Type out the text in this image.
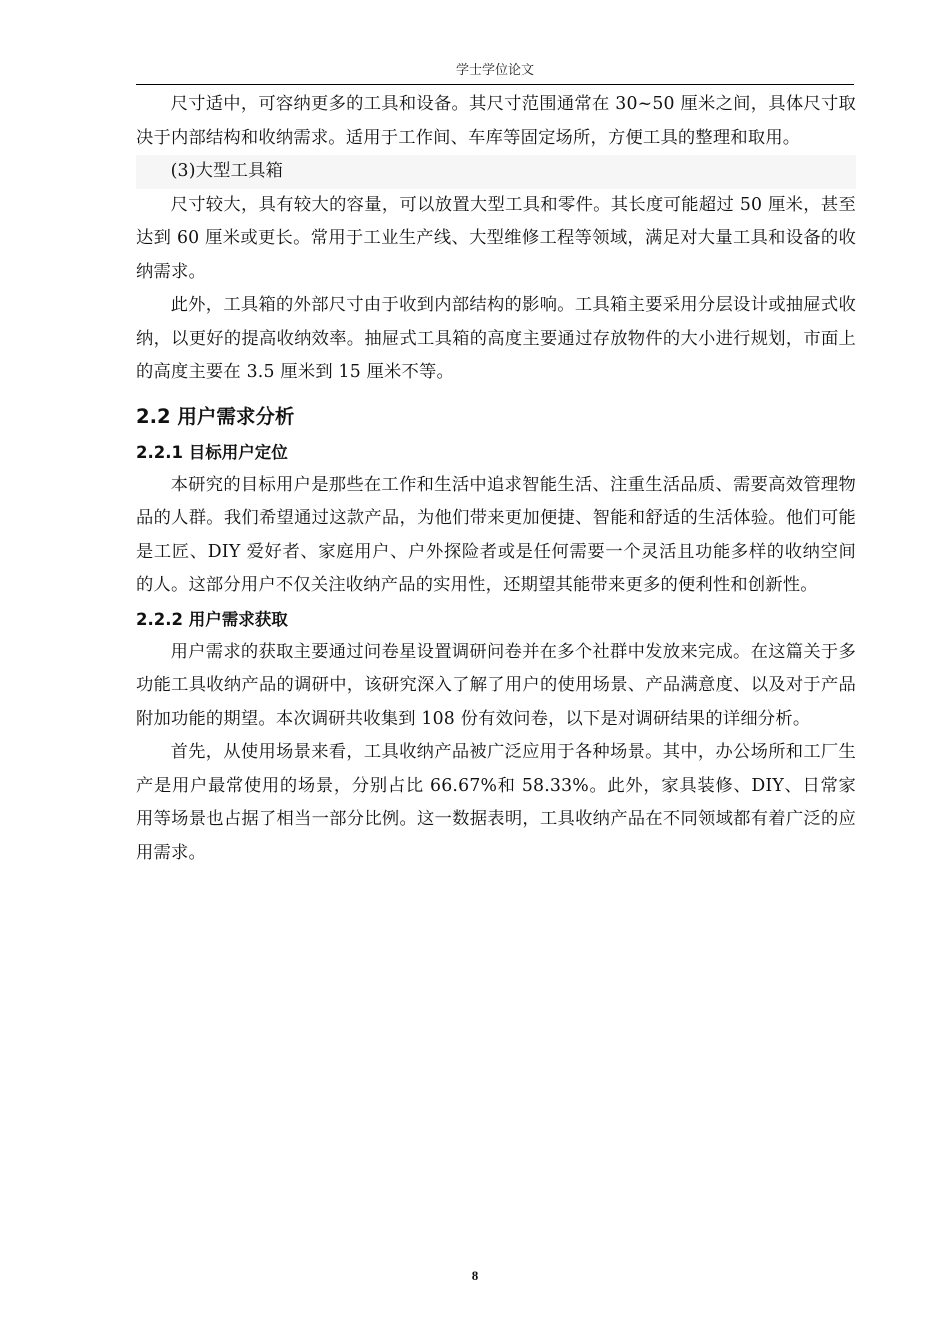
学士学位论文

尺寸适中，可容纳更多的工具和设备。其尺寸范围通常在 30~50 厘米之间，具体尺寸取决于内部结构和收纳需求。适用于工作间、车库等固定场所，方便工具的整理和取用。

(3)大型工具箱

尺寸较大，具有较大的容量，可以放置大型工具和零件。其长度可能超过 50 厘米，甚至达到 60 厘米或更长。常用于工业生产线、大型维修工程等领域，满足对大量工具和设备的收纳需求。

此外，工具箱的外部尺寸由于收到内部结构的影响。工具箱主要采用分层设计或抽屉式收纳，以更好的提高收纳效率。抽屉式工具箱的高度主要通过存放物件的大小进行规划，市面上的高度主要在 3.5 厘米到 15 厘米不等。

2.2 用户需求分析
2.2.1 目标用户定位

本研究的目标用户是那些在工作和生活中追求智能生活、注重生活品质、需要高效管理物品的人群。我们希望通过这款产品，为他们带来更加便捷、智能和舒适的生活体验。他们可能是工匠、DIY 爱好者、家庭用户、户外探险者或是任何需要一个灵活且功能多样的收纳空间的人。这部分用户不仅关注收纳产品的实用性，还期望其能带来更多的便利性和创新性。

2.2.2 用户需求获取

用户需求的获取主要通过问卷星设置调研问卷并在多个社群中发放来完成。在这篇关于多功能工具收纳产品的调研中，该研究深入了解了用户的使用场景、产品满意度、以及对于产品附加功能的期望。本次调研共收集到 108 份有效问卷，以下是对调研结果的详细分析。

首先，从使用场景来看，工具收纳产品被广泛应用于各种场景。其中，办公场所和工厂生产是用户最常使用的场景，分别占比 66.67%和 58.33%。此外，家具装修、DIY、日常家用等场景也占据了相当一部分比例。这一数据表明，工具收纳产品在不同领域都有着广泛的应用需求。

8
